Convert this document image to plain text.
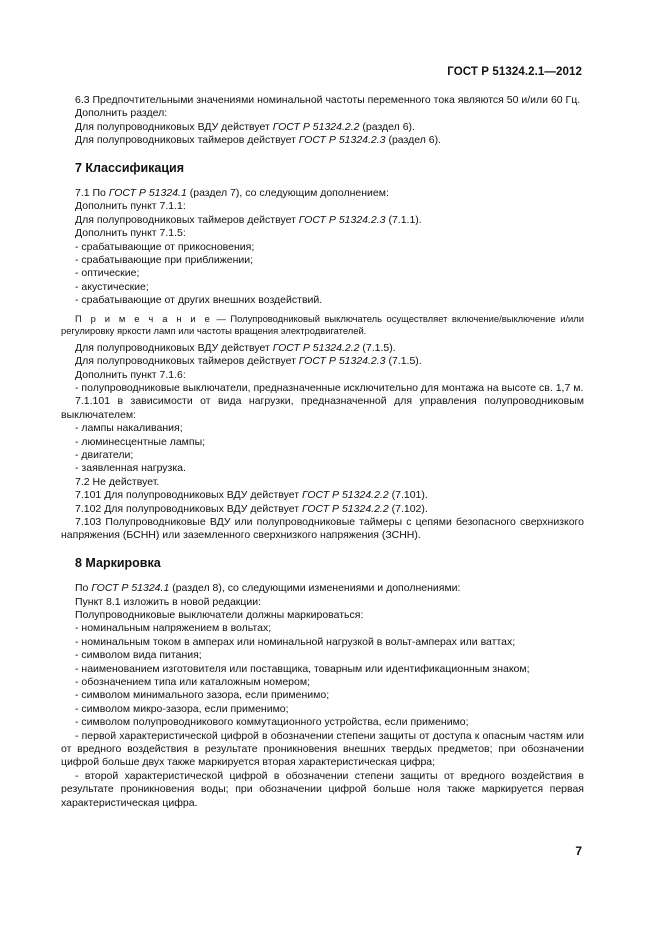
ГОСТ Р 51324.2.1—2012

6.3 Предпочтительными значениями номинальной частоты переменного тока являются 50 и/или 60 Гц.

Дополнить раздел:

Для полупроводниковых ВДУ действует ГОСТ Р 51324.2.2 (раздел 6).

Для полупроводниковых таймеров действует ГОСТ Р 51324.2.3 (раздел 6).

7 Классификация

7.1 По ГОСТ Р 51324.1 (раздел 7), со следующим дополнением:

Дополнить пункт 7.1.1:

Для полупроводниковых таймеров действует ГОСТ Р 51324.2.3 (7.1.1).

Дополнить пункт 7.1.5:

- срабатывающие от прикосновения;

- срабатывающие при приближении;

- оптические;

- акустические;

- срабатывающие от других внешних воздействий.

П р и м е ч а н и е — Полупроводниковый выключатель осуществляет включение/выключение и/или регулировку яркости ламп или частоты вращения электродвигателей.

Для полупроводниковых ВДУ действует ГОСТ Р 51324.2.2 (7.1.5).

Для полупроводниковых таймеров действует ГОСТ Р 51324.2.3 (7.1.5).

Дополнить пункт 7.1.6:

- полупроводниковые выключатели, предназначенные исключительно для монтажа на высоте св. 1,7 м.

7.1.101 в зависимости от вида нагрузки, предназначенной для управления полупроводниковым выключателем:

- лампы накаливания;

- люминесцентные лампы;

- двигатели;

- заявленная нагрузка.

7.2 Не действует.

7.101 Для полупроводниковых ВДУ действует ГОСТ Р 51324.2.2 (7.101).

7.102 Для полупроводниковых ВДУ действует ГОСТ Р 51324.2.2 (7.102).

7.103 Полупроводниковые ВДУ или полупроводниковые таймеры с цепями безопасного сверхнизкого напряжения (БСНН) или заземленного сверхнизкого напряжения (ЗСНН).

8 Маркировка

По ГОСТ Р 51324.1 (раздел 8), со следующими изменениями и дополнениями:

Пункт 8.1 изложить в новой редакции:

Полупроводниковые выключатели должны маркироваться:

- номинальным напряжением в вольтах;

- номинальным током в амперах или номинальной нагрузкой в вольт-амперах или ваттах;

- символом вида питания;

- наименованием изготовителя или поставщика, товарным или идентификационным знаком;

- обозначением типа или каталожным номером;

- символом минимального зазора, если применимо;

- символом микро-зазора, если применимо;

- символом полупроводникового коммутационного устройства, если применимо;

- первой характеристической цифрой в обозначении степени защиты от доступа к опасным частям или от вредного воздействия в результате проникновения внешних твердых предметов; при обозначении цифрой больше двух также маркируется вторая характеристическая цифра;

- второй характеристической цифрой в обозначении степени защиты от вредного воздействия в результате проникновения воды; при обозначении цифрой больше ноля также маркируется первая характеристическая цифра.

7
